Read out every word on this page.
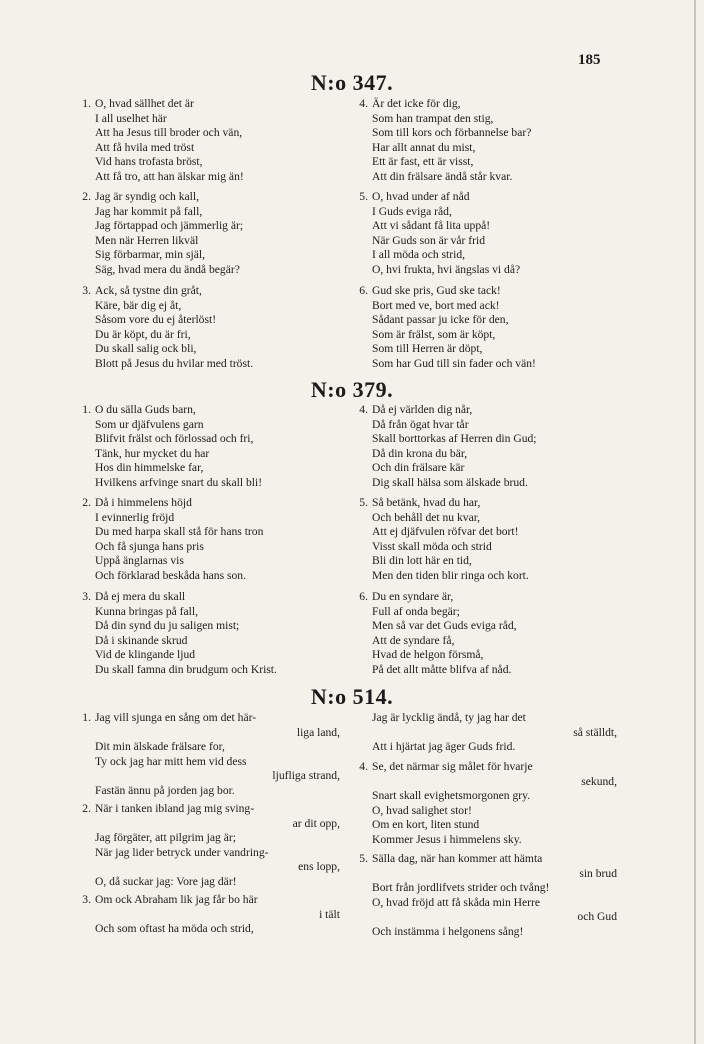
185
N:o 347.
1. O, hvad sällhet det är
I all uselhet här
Att ha Jesus till broder och vän,
Att få hvila med tröst
Vid hans trofasta bröst,
Att få tro, att han älskar mig än!
2. Jag är syndig och kall,
Jag har kommit på fall,
Jag förtappad och jämmerlig är;
Men när Herren likväl
Sig förbarmar, min själ,
Säg, hvad mera du ändå begär?
3. Ack, så tystne din gråt,
Käre, bär dig ej åt,
Såsom vore du ej återlöst!
Du är köpt, du är fri,
Du skall salig ock bli,
Blott på Jesus du hvilar med tröst.
4. Är det icke för dig,
Som han trampat den stig,
Som till kors och förbannelse bar?
Har allt annat du mist,
Ett är fast, ett är visst,
Att din frälsare ändå står kvar.
5. O, hvad under af nåd
I Guds eviga råd,
Att vi sådant få lita uppå!
När Guds son är vår frid
I all möda och strid,
O, hvi frukta, hvi ängslas vi då?
6. Gud ske pris, Gud ske tack!
Bort med ve, bort med ack!
Sådant passar ju icke för den,
Som är frälst, som är köpt,
Som till Herren är döpt,
Som har Gud till sin fader och vän!
N:o 379.
1. O du sälla Guds barn,
Som ur djäfvulens garn
Blifvit frälst och förlossad och fri,
Tänk, hur mycket du har
Hos din himmelske far,
Hvilkens arfvinge snart du skall bli!
2. Då i himmelens höjd
I evinnerlig fröjd
Du med harpa skall stå för hans tron
Och få sjunga hans pris
Uppå änglarnas vis
Och förklarad beskåda hans son.
3. Då ej mera du skall
Kunna bringas på fall,
Då din synd du ju saligen mist;
Då i skinande skrud
Vid de klingande ljud
Du skall famna din brudgum och Krist.
4. Då ej världen dig når,
Då från ögat hvar tår
Skall borttorkas af Herren din Gud;
Då din krona du bär,
Och din frälsare kär
Dig skall hälsa som älskade brud.
5. Så betänk, hvad du har,
Och behåll det nu kvar,
Att ej djäfvulen röfvar det bort!
Visst skall möda och strid
Bli din lott här en tid,
Men den tiden blir ringa och kort.
6. Du en syndare är,
Full af onda begär;
Men så var det Guds eviga råd,
Att de syndare få,
Hvad de helgon försmå,
På det allt måtte blifva af nåd.
N:o 514.
1. Jag vill sjunga en sång om det här-
liga land,
Dit min älskade frälsare for,
Ty ock jag har mitt hem vid dess
ljufliga strand,
Fastän ännu på jorden jag bor.
2. När i tanken ibland jag mig sving-
ar dit opp,
Jag förgäter, att pilgrim jag är;
När jag lider betryck under vandring-
ens lopp,
O, då suckar jag: Vore jag där!
3. Om ock Abraham lik jag får bo här
i tält
Och som oftast ha möda och strid,
Jag är lycklig ändå, ty jag har det
så ställdt,
Att i hjärtat jag äger Guds frid.
4. Se, det närmar sig målet för hvarje
sekund,
Snart skall evighetsmorgonen gry.
O, hvad salighet stor!
Om en kort, liten stund
Kommer Jesus i himmelens sky.
5. Sälla dag, när han kommer att hämta
sin brud
Bort från jordlifvets strider och tvång!
O, hvad fröjd att få skåda min Herre
och Gud
Och instämma i helgonens sång!
